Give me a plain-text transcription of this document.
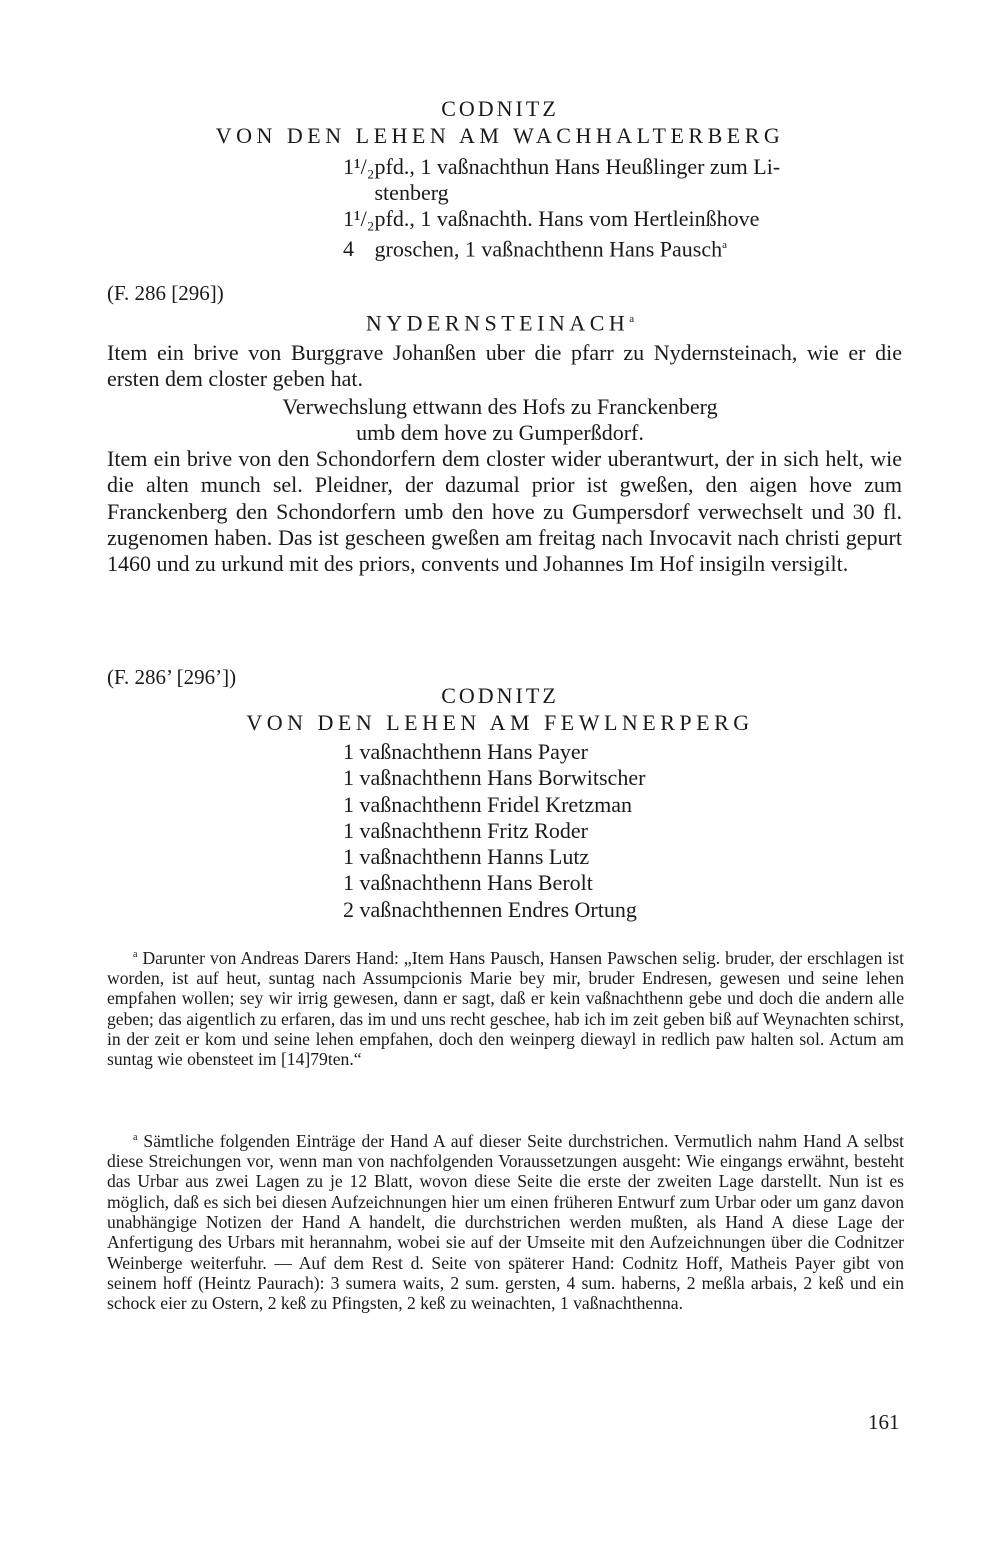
CODNITZ
VON DEN LEHEN AM WACHHALTERBERG
1¹/₂ pfd., 1 vaßnachthun Hans Heußlinger zum Li-
stenberg
1¹/₂ pfd., 1 vaßnachth. Hans vom Hertleinßhove
4 groschen, 1 vaßnachthenn Hans Pausch$^a$
(F. 286 [296])
NYDERNSTEINACH$^a$
Item ein brive von Burggrave Johanßen uber die pfarr zu Nydernsteinach, wie er die ersten dem closter geben hat.
Verwechslung ettwann des Hofs zu Franckenberg
umb dem hove zu Gumperßdorf.
Item ein brive von den Schondorfern dem closter wider uberantwurt, der in sich helt, wie die alten munch sel. Pleidner, der dazumal prior ist gweßen, den aigen hove zum Franckenberg den Schondorfern umb den hove zu Gumpersdorf verwechselt und 30 fl. zugenomen haben. Das ist gescheen gweßen am freitag nach Invocavit nach christi gepurt 1460 und zu urkund mit des priors, convents und Johannes Im Hof insigiln versigilt.
(F. 286’ [296’])
CODNITZ
VON DEN LEHEN AM FEWLNERPERG
1 vaßnachthenn Hans Payer
1 vaßnachthenn Hans Borwitscher
1 vaßnachthenn Fridel Kretzman
1 vaßnachthenn Fritz Roder
1 vaßnachthenn Hanns Lutz
1 vaßnachthenn Hans Berolt
2 vaßnachthennen Endres Ortung
$^a$ Darunter von Andreas Darers Hand: „Item Hans Pausch, Hansen Pawschen selig. bruder, der erschlagen ist worden, ist auf heut, suntag nach Assumpcionis Marie bey mir, bruder Endresen, gewesen und seine lehen empfahen wollen; sey wir irrig gewesen, dann er sagt, daß er kein vaßnachthenn gebe und doch die andern alle geben; das aigentlich zu erfaren, das im und uns recht geschee, hab ich im zeit geben biß auf Weynachten schirst, in der zeit er kom und seine lehen empfahen, doch den weinperg diewayl in redlich paw halten sol. Actum am suntag wie obensteet im [14]79ten.“
$^a$ Sämtliche folgenden Einträge der Hand A auf dieser Seite durchstrichen. Vermutlich nahm Hand A selbst diese Streichungen vor, wenn man von nachfolgenden Voraussetzungen ausgeht: Wie eingangs erwähnt, besteht das Urbar aus zwei Lagen zu je 12 Blatt, wovon diese Seite die erste der zweiten Lage darstellt. Nun ist es möglich, daß es sich bei diesen Aufzeichnungen hier um einen früheren Entwurf zum Urbar oder um ganz davon unabhängige Notizen der Hand A handelt, die durchstrichen werden mußten, als Hand A diese Lage der Anfertigung des Urbars mit herannahm, wobei sie auf der Umseite mit den Aufzeichnungen über die Codnitzer Weinberge weiterfuhr. — Auf dem Rest d. Seite von späterer Hand: Codnitz Hoff, Matheis Payer gibt von seinem hoff (Heintz Paurach): 3 sumera waits, 2 sum. gersten, 4 sum. haberns, 2 meßla arbais, 2 keß und ein schock eier zu Ostern, 2 keß zu Pfingsten, 2 keß zu weinachten, 1 vaßnachthenna.
161
